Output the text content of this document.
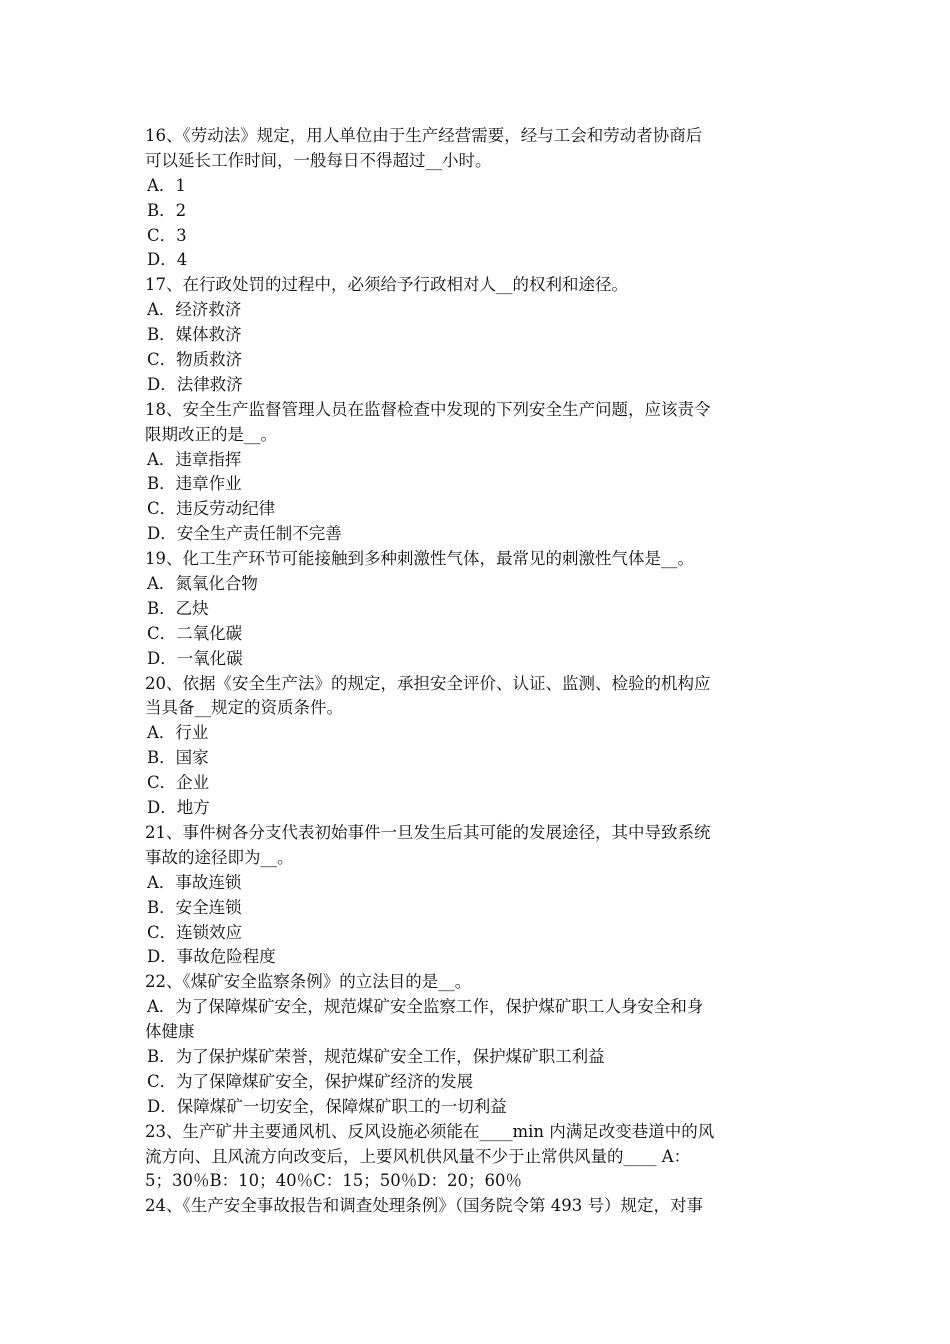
16、《劳动法》规定，用人单位由于生产经营需要，经与工会和劳动者协商后
可以延长工作时间，一般每日不得超过__小时。
A．1
B．2
C．3
D．4
17、在行政处罚的过程中，必须给予行政相对人__的权利和途径。
A．经济救济
B．媒体救济
C．物质救济
D．法律救济
18、安全生产监督管理人员在监督检查中发现的下列安全生产问题，应该责令
限期改正的是__。
A．违章指挥
B．违章作业
C．违反劳动纪律
D．安全生产责任制不完善
19、化工生产环节可能接触到多种刺激性气体，最常见的刺激性气体是__。
A．氮氧化合物
B．乙炔
C．二氧化碳
D．一氧化碳
20、依据《安全生产法》的规定，承担安全评价、认证、监测、检验的机构应
当具备__规定的资质条件。
A．行业
B．国家
C．企业
D．地方
21、事件树各分支代表初始事件一旦发生后其可能的发展途径，其中导致系统
事故的途径即为__。
A．事故连锁
B．安全连锁
C．连锁效应
D．事故危险程度
22、《煤矿安全监察条例》的立法目的是__。
A．为了保障煤矿安全，规范煤矿安全监察工作，保护煤矿职工人身安全和身
体健康
B．为了保护煤矿荣誉，规范煤矿安全工作，保护煤矿职工利益
C．为了保障煤矿安全，保护煤矿经济的发展
D．保障煤矿一切安全，保障煤矿职工的一切利益
23、生产矿井主要通风机、反风设施必须能在____min 内满足改变巷道中的风
流方向、且风流方向改变后，上要风机供风量不少于止常供风量的____ A：
5；30％B：10；40％C：15；50％D：20；60％
24、《生产安全事故报告和调查处理条例》（国务院令第 493 号）规定，对事
